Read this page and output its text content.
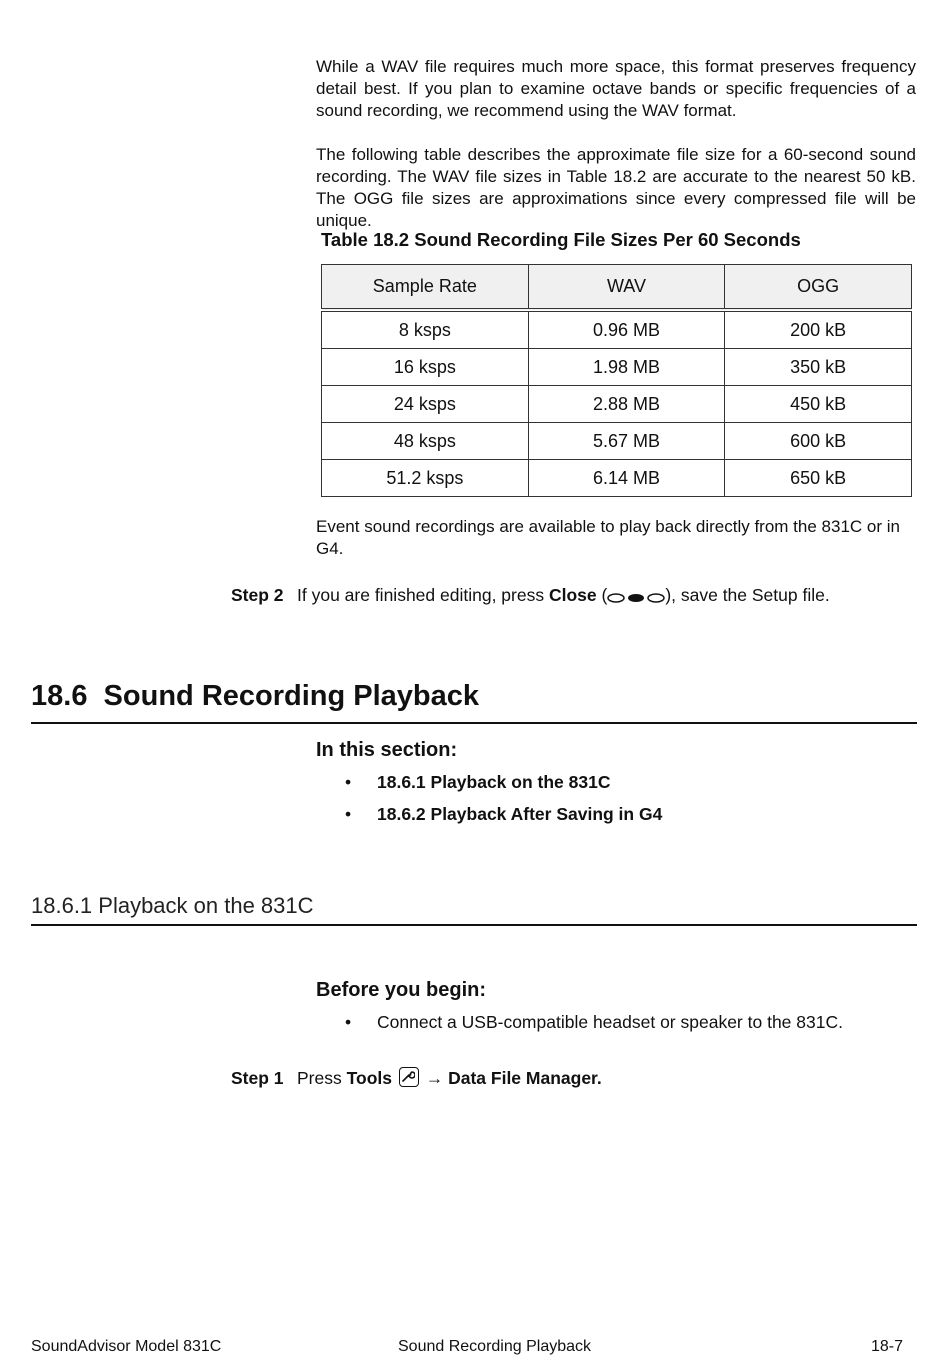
While a WAV file requires much more space, this format preserves frequency detail best. If you plan to examine octave bands or specific frequencies of a sound recording, we recommend using the WAV format.

The following table describes the approximate file size for a 60-second sound recording. The WAV file sizes in Table 18.2 are accurate to the nearest 50 kB. The OGG file sizes are approximations since every compressed file will be unique.

Table 18.2 Sound Recording File Sizes Per 60 Seconds
Sample Rate	WAV	OGG
8 ksps	0.96 MB	200 kB
16 ksps	1.98 MB	350 kB
24 ksps	2.88 MB	450 kB
48 ksps	5.67 MB	600 kB
51.2 ksps	6.14 MB	650 kB

Event sound recordings are available to play back directly from the 831C or in G4.

Step 2 If you are finished editing, press Close (	), save the Setup file.
18.6  Sound Recording Playback
In this section:
• 18.6.1 Playback on the 831C
• 18.6.2 Playback After Saving in G4
18.6.1 Playback on the 831C
Before you begin:
• Connect a USB-compatible headset or speaker to the 831C.
Step 1 Press Tools
→ Data File Manager.
SoundAdvisor Model 831C	Sound Recording Playback	18-7
